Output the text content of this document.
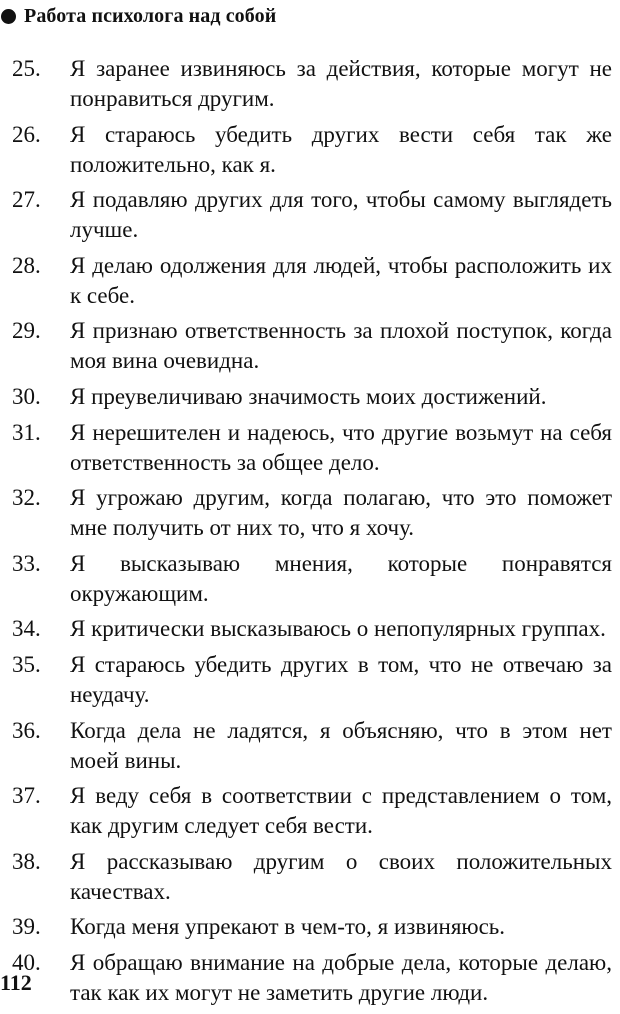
Работа психолога над собой
25.	Я заранее извиняюсь за действия, которые могут не понравиться другим.
26.	Я стараюсь убедить других вести себя так же положительно, как я.
27.	Я подавляю других для того, чтобы самому выглядеть лучше.
28.	Я делаю одолжения для людей, чтобы расположить их к себе.
29.	Я признаю ответственность за плохой поступок, когда моя вина очевидна.
30.	Я преувеличиваю значимость моих достижений.
31.	Я нерешителен и надеюсь, что другие возьмут на себя ответственность за общее дело.
32.	Я угрожаю другим, когда полагаю, что это поможет мне получить от них то, что я хочу.
33.	Я высказываю мнения, которые понравятся окружающим.
34.	Я критически высказываюсь о непопулярных группах.
35.	Я стараюсь убедить других в том, что не отвечаю за неудачу.
36.	Когда дела не ладятся, я объясняю, что в этом нет моей вины.
37.	Я веду себя в соответствии с представлением о том, как другим следует себя вести.
38.	Я рассказываю другим о своих положительных качествах.
39.	Когда меня упрекают в чем-то, я извиняюсь.
40.	Я обращаю внимание на добрые дела, которые делаю, так как их могут не заметить другие люди.
112
